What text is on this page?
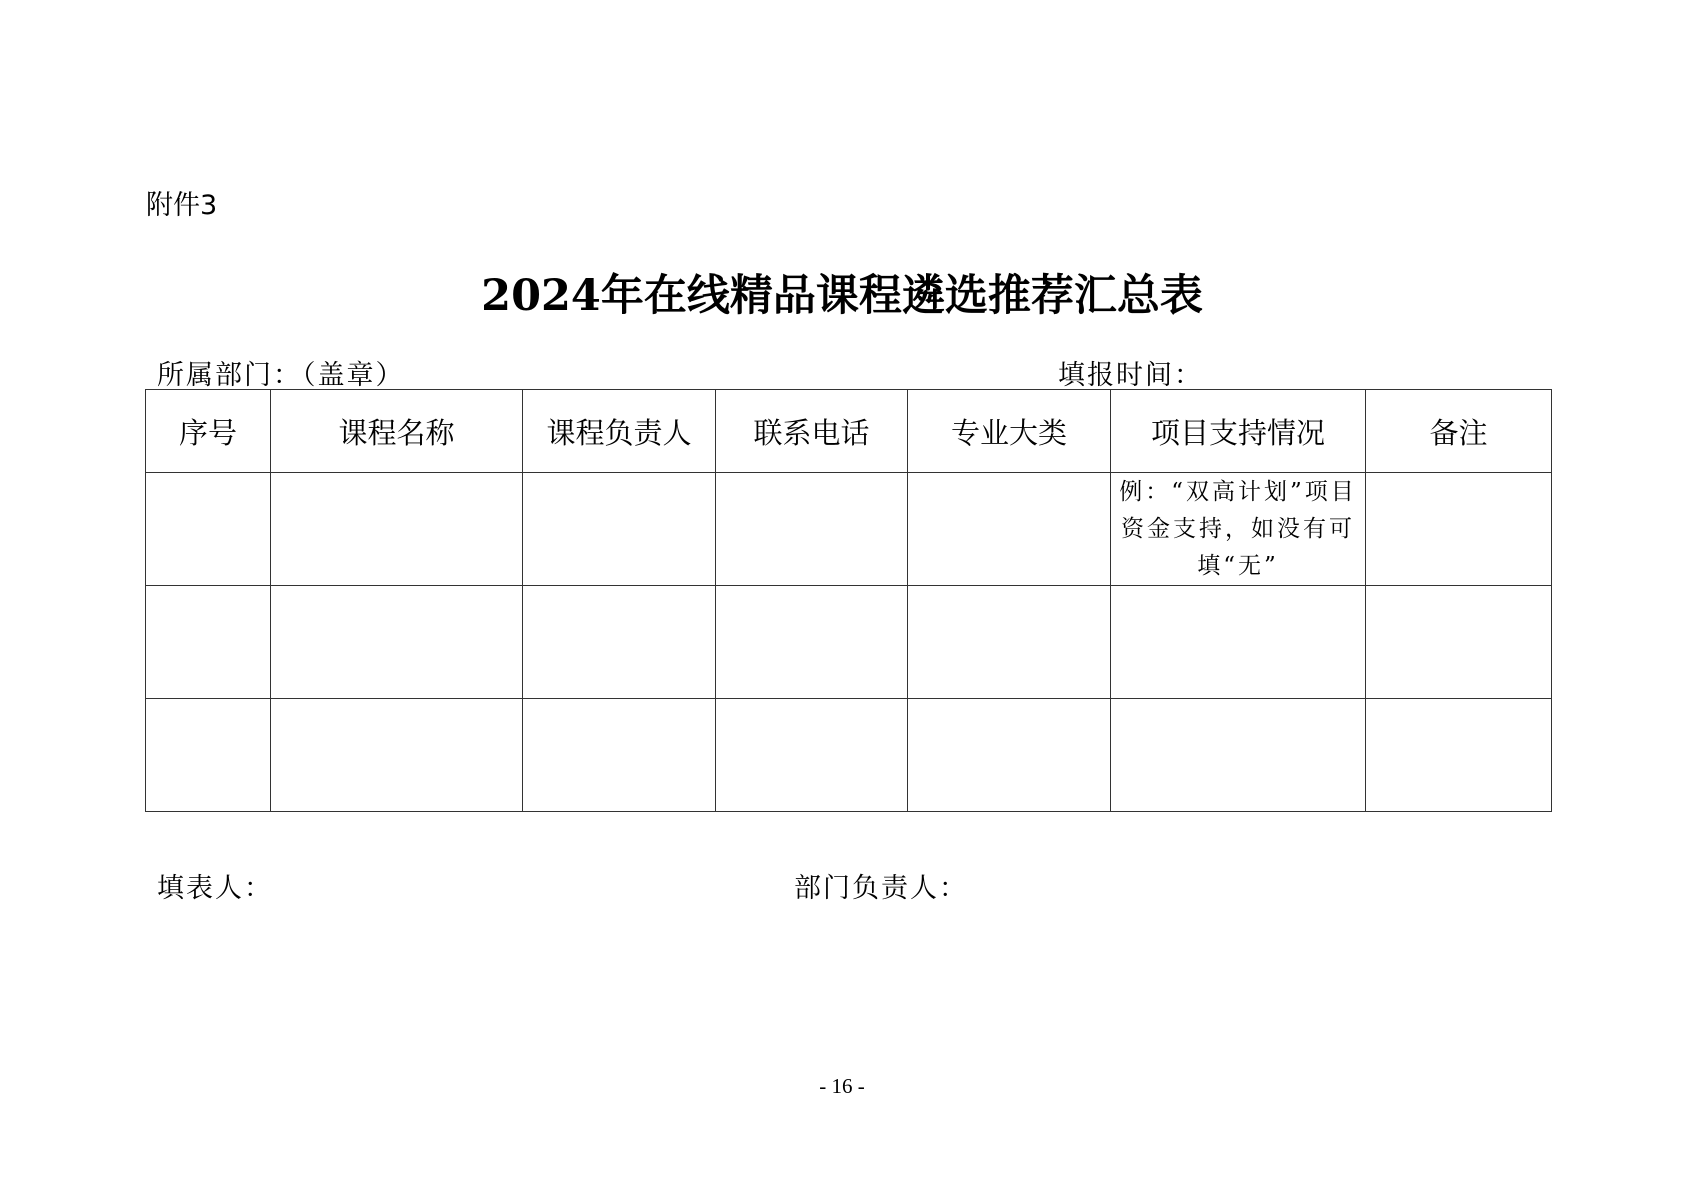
附件3
2024年在线精品课程遴选推荐汇总表
所属部门：（盖章）	填报时间：
序号	课程名称	课程负责人	联系电话	专业大类	项目支持情况	备注

					例：“双高计划”项目资金支持，如没有可填“无”	

填表人：	部门负责人：
- 16 -
